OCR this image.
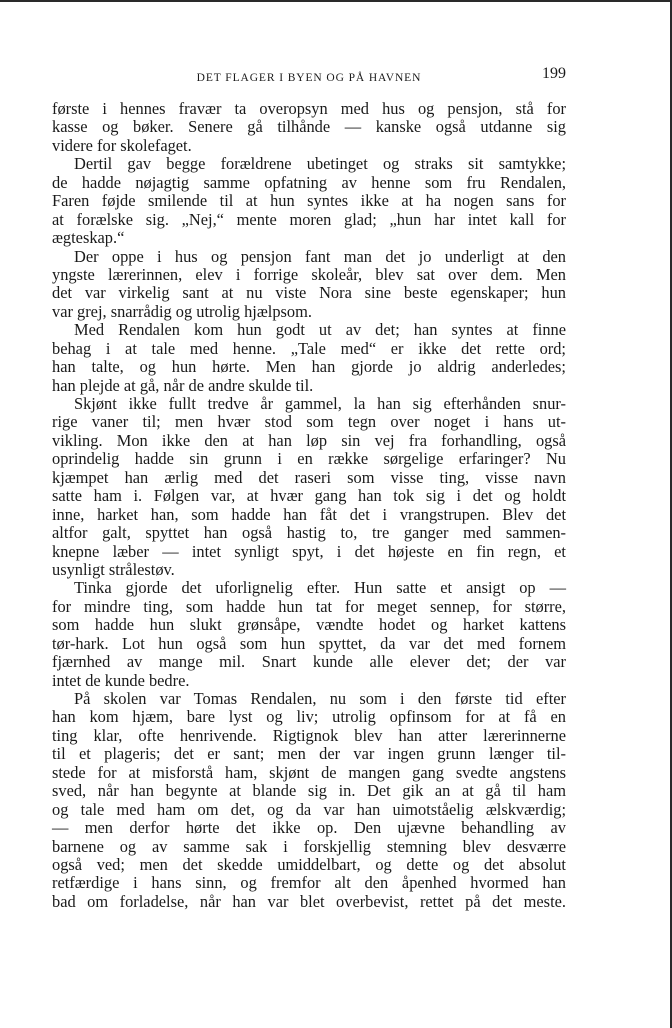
DET FLAGER I BYEN OG PÅ HAVNEN	199
første i hennes fravær ta overopsyn med hus og pensjon, stå for
kasse og bøker. Senere gå tilhånde — kanske også utdanne sig
videre for skolefaget.
Dertil gav begge forældrene ubetinget og straks sit samtykke;
de hadde nøjagtig samme opfatning av henne som fru Rendalen,
Faren føjde smilende til at hun syntes ikke at ha nogen sans for
at forælske sig. „Nej,“ mente moren glad; „hun har intet kall for
ægteskap.“
Der oppe i hus og pensjon fant man det jo underligt at den
yngste lærerinnen, elev i forrige skoleår, blev sat over dem. Men
det var virkelig sant at nu viste Nora sine beste egenskaper; hun
var grej, snarrådig og utrolig hjælpsom.
Med Rendalen kom hun godt ut av det; han syntes at finne
behag i at tale med henne. „Tale med“ er ikke det rette ord;
han talte, og hun hørte. Men han gjorde jo aldrig anderledes;
han plejde at gå, når de andre skulde til.
Skjønt ikke fullt tredve år gammel, la han sig efterhånden snur-
rige vaner til; men hvær stod som tegn over noget i hans ut-
vikling. Mon ikke den at han løp sin vej fra forhandling, også
oprindelig hadde sin grunn i en række sørgelige erfaringer? Nu
kjæmpet han ærlig med det raseri som visse ting, visse navn
satte ham i. Følgen var, at hvær gang han tok sig i det og holdt
inne, harket han, som hadde han fåt det i vrangstrupen. Blev det
altfor galt, spyttet han også hastig to, tre ganger med sammen-
knepne læber — intet synligt spyt, i det højeste en fin regn, et
usynligt strålestøv.
Tinka gjorde det uforlignelig efter. Hun satte et ansigt op —
for mindre ting, som hadde hun tat for meget sennep, for større,
som hadde hun slukt grønsåpe, vændte hodet og harket kattens
tør-hark. Lot hun også som hun spyttet, da var det med fornem
fjærnhed av mange mil. Snart kunde alle elever det; der var
intet de kunde bedre.
På skolen var Tomas Rendalen, nu som i den første tid efter
han kom hjæm, bare lyst og liv; utrolig opfinsom for at få en
ting klar, ofte henrivende. Rigtignok blev han atter lærerinnerne
til et plageris; det er sant; men der var ingen grunn længer til-
stede for at misforstå ham, skjønt de mangen gang svedte angstens
sved, når han begynte at blande sig in. Det gik an at gå til ham
og tale med ham om det, og da var han uimotståelig ælskværdig;
— men derfor hørte det ikke op. Den ujævne behandling av
barnene og av samme sak i forskjellig stemning blev desværre
også ved; men det skedde umiddelbart, og dette og det absolut
retfærdige i hans sinn, og fremfor alt den åpenhed hvormed han
bad om forladelse, når han var blet overbevist, rettet på det meste.
